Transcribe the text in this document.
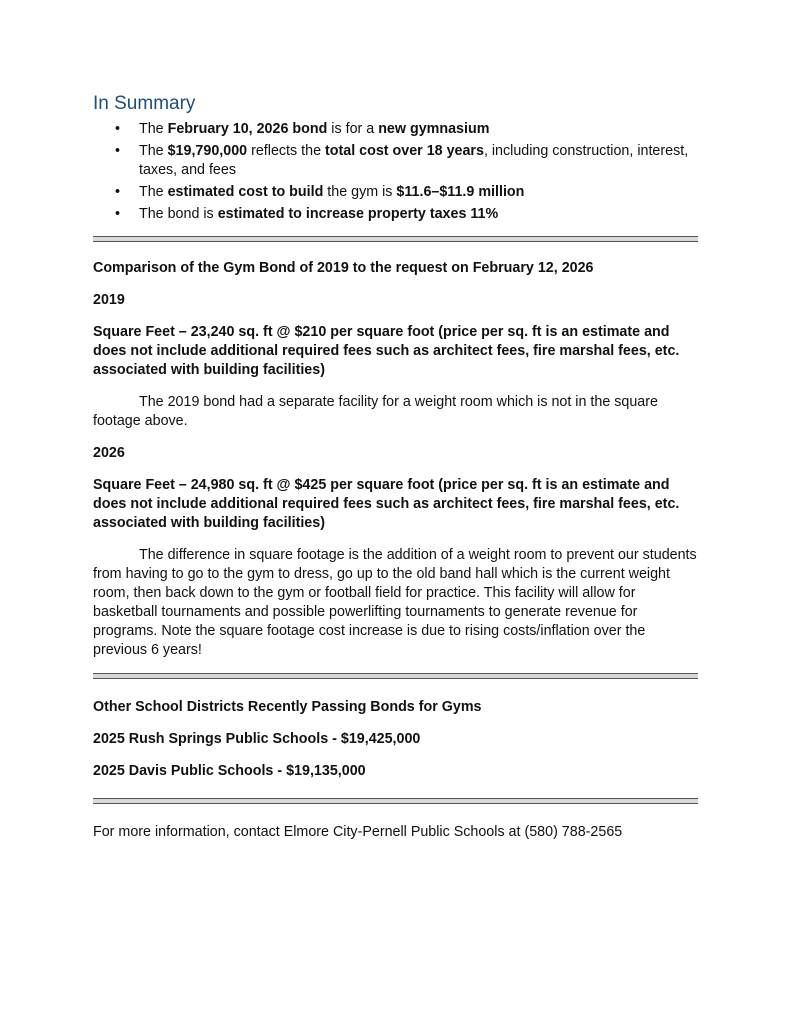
In Summary
• The February 10, 2026 bond is for a new gymnasium
• The $19,790,000 reflects the total cost over 18 years, including construction, interest, taxes, and fees
• The estimated cost to build the gym is $11.6–$11.9 million
• The bond is estimated to increase property taxes 11%

Comparison of the Gym Bond of 2019 to the request on February 12, 2026

2019

Square Feet – 23,240 sq. ft @ $210 per square foot (price per sq. ft is an estimate and does not include additional required fees such as architect fees, fire marshal fees, etc. associated with building facilities)

The 2019 bond had a separate facility for a weight room which is not in the square footage above.

2026

Square Feet – 24,980 sq. ft @ $425 per square foot (price per sq. ft is an estimate and does not include additional required fees such as architect fees, fire marshal fees, etc. associated with building facilities)

The difference in square footage is the addition of a weight room to prevent our students from having to go to the gym to dress, go up to the old band hall which is the current weight room, then back down to the gym or football field for practice. This facility will allow for basketball tournaments and possible powerlifting tournaments to generate revenue for programs. Note the square footage cost increase is due to rising costs/inflation over the previous 6 years!

Other School Districts Recently Passing Bonds for Gyms

2025 Rush Springs Public Schools - $19,425,000

2025 Davis Public Schools - $19,135,000

For more information, contact Elmore City-Pernell Public Schools at (580) 788-2565
